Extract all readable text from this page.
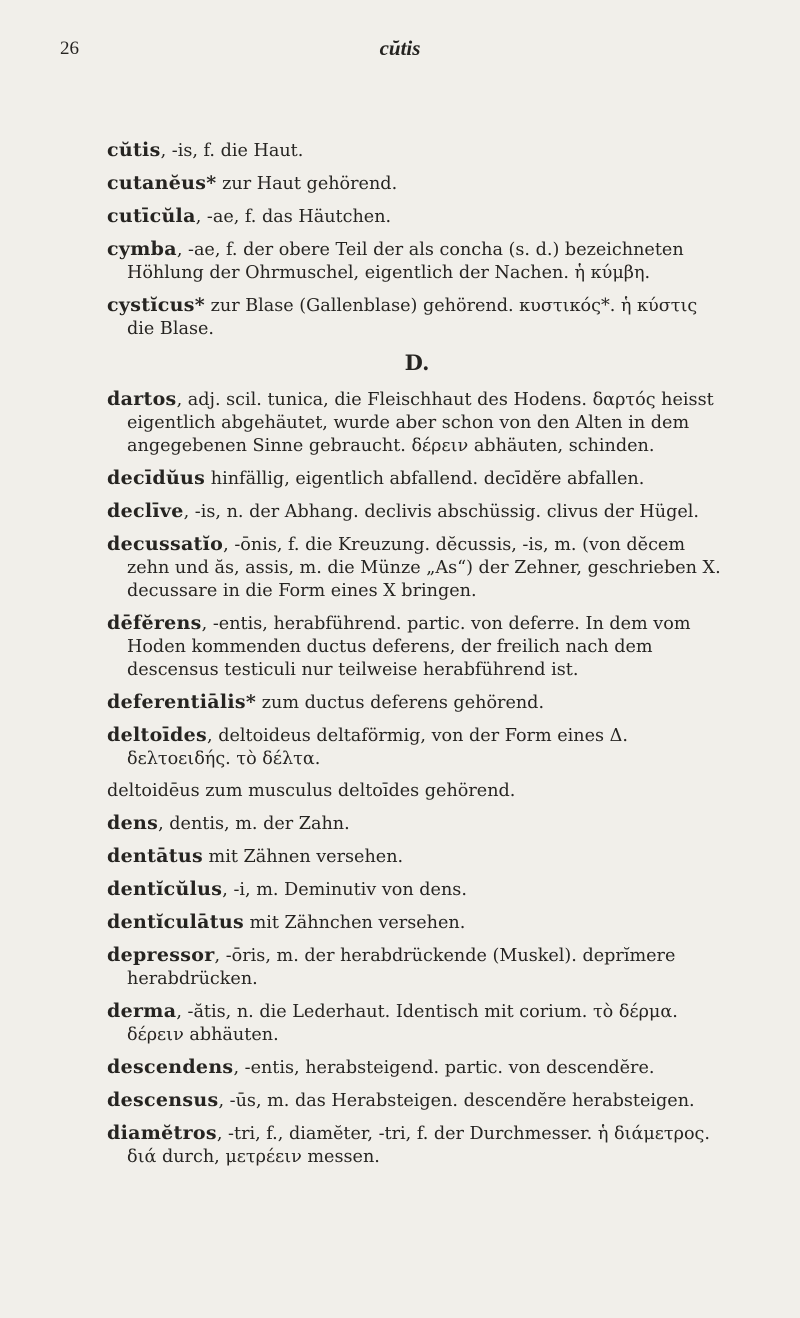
26	cŭtis

cŭtis, -is, f. die Haut.

cutanĕus* zur Haut gehörend.

cutīcŭla, -ae, f. das Häutchen.

cymba, -ae, f. der obere Teil der als concha (s. d.) bezeichneten Höhlung der Ohrmuschel, eigentlich der Nachen. ἡ κύμβη.

cystĭcus* zur Blase (Gallenblase) gehörend. κυστικός*. ἡ κύστις die Blase.

D.

dartos, adj. scil. tunica, die Fleischhaut des Hodens. δαρτός heisst eigentlich abgehäutet, wurde aber schon von den Alten in dem angegebenen Sinne gebraucht. δέρειν abhäuten, schinden.

decīdŭus hinfällig, eigentlich abfallend. decīdĕre abfallen.

declīve, -is, n. der Abhang. declivis abschüssig. clivus der Hügel.

decussatĭo, -ōnis, f. die Kreuzung. dĕcussis, -is, m. (von dĕcem zehn und ăs, assis, m. die Münze „As“) der Zehner, geschrieben X. decussare in die Form eines X bringen.

dēfĕrens, -entis, herabführend. partic. von deferre. In dem vom Hoden kommenden ductus deferens, der freilich nach dem descensus testiculi nur teilweise herabführend ist.

deferentiālis* zum ductus deferens gehörend.

deltoīdes, deltoideus deltaförmig, von der Form eines Δ. δελτοειδής. τὸ δέλτα.

deltoidēus zum musculus deltoīdes gehörend.

dens, dentis, m. der Zahn.

dentātus mit Zähnen versehen.

dentĭcŭlus, -i, m. Deminutiv von dens.

dentĭculātus mit Zähnchen versehen.

depressor, -ōris, m. der herabdrückende (Muskel). deprĭmere herabdrücken.

derma, -ătis, n. die Lederhaut. Identisch mit corium. τὸ δέρμα. δέρειν abhäuten.

descendens, -entis, herabsteigend. partic. von descendĕre.

descensus, -ūs, m. das Herabsteigen. descendĕre herabsteigen.

diamĕtros, -tri, f., diamĕter, -tri, f. der Durchmesser. ἡ διάμετρος. διά durch, μετρέειν messen.
